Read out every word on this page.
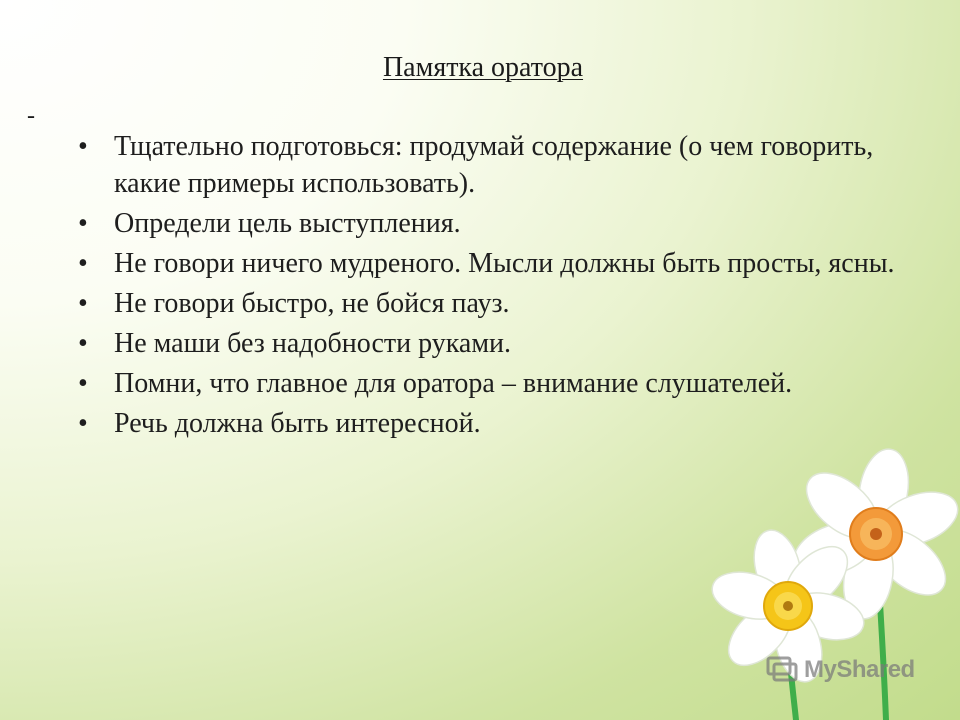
Памятка оратора
-
• Тщательно подготовься: продумай содержание (о чем говорить, какие примеры использовать).
• Определи цель выступления.
• Не говори ничего мудреного. Мысли должны быть просты, ясны.
• Не говори быстро, не бойся пауз.
• Не маши без надобности руками.
• Помни, что главное для оратора – внимание слушателей.
• Речь должна быть интересной.
MyShared
